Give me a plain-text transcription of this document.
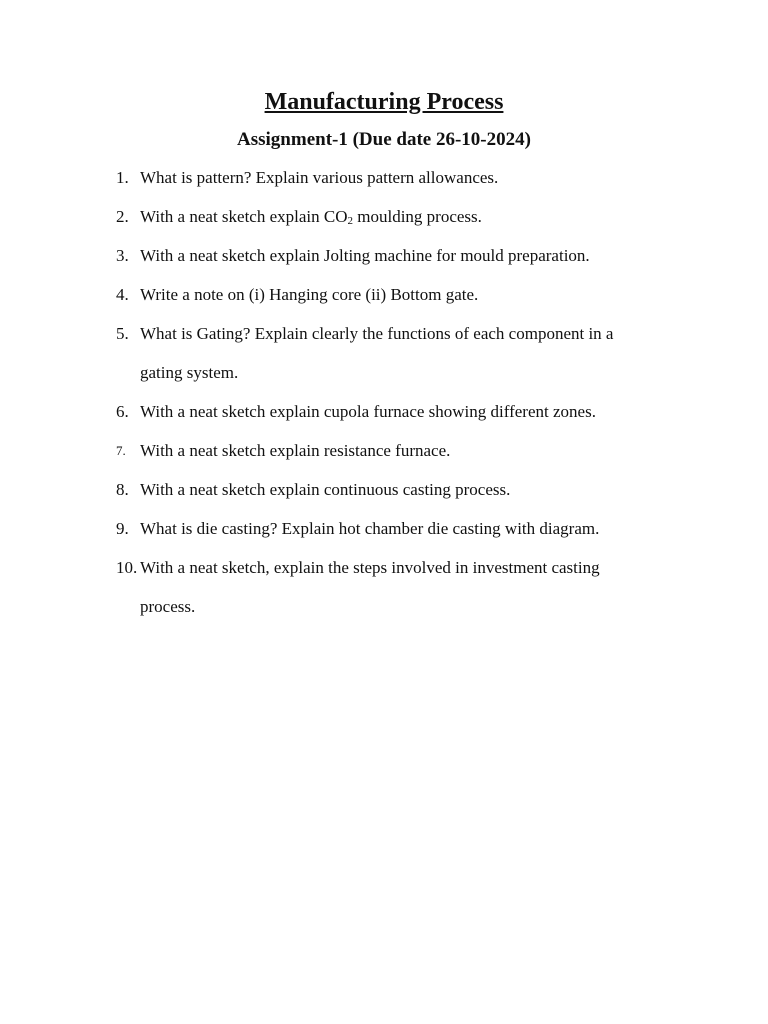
Manufacturing Process
Assignment-1 (Due date 26-10-2024)
1. What is pattern? Explain various pattern allowances.
2. With a neat sketch explain CO2 moulding process.
3. With a neat sketch explain Jolting machine for mould preparation.
4. Write a note on (i) Hanging core (ii) Bottom gate.
5. What is Gating? Explain clearly the functions of each component in a
gating system.
6. With a neat sketch explain cupola furnace showing different zones.
7. With a neat sketch explain resistance furnace.
8. With a neat sketch explain continuous casting process.
9. What is die casting? Explain hot chamber die casting with diagram.
10. With a neat sketch, explain the steps involved in investment casting
process.
